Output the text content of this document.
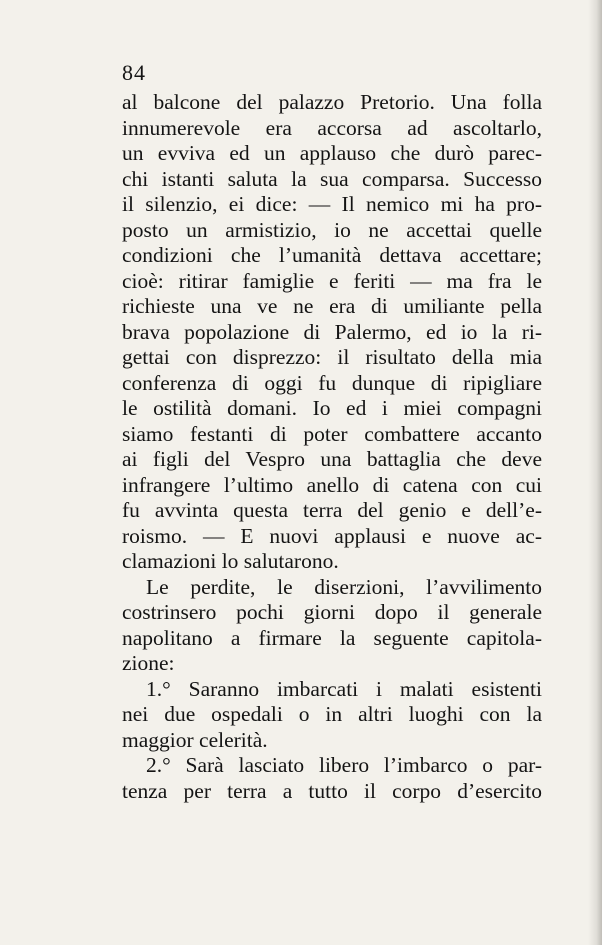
84
al balcone del palazzo Pretorio. Una folla
innumerevole era accorsa ad ascoltarlo,
un evviva ed un applauso che durò parec-
chi istanti saluta la sua comparsa. Successo
il silenzio, ei dice: — Il nemico mi ha pro-
posto un armistizio, io ne accettai quelle
condizioni che l’umanità dettava accettare;
cioè: ritirar famiglie e feriti — ma fra le
richieste una ve ne era di umiliante pella
brava popolazione di Palermo, ed io la ri-
gettai con disprezzo: il risultato della mia
conferenza di oggi fu dunque di ripigliare
le ostilità domani. Io ed i miei compagni
siamo festanti di poter combattere accanto
ai figli del Vespro una battaglia che deve
infrangere l’ultimo anello di catena con cui
fu avvinta questa terra del genio e dell’e-
roismo. — E nuovi applausi e nuove ac-
clamazioni lo salutarono.
Le perdite, le diserzioni, l’avvilimento
costrinsero pochi giorni dopo il generale
napolitano a firmare la seguente capitola-
zione:
1.° Saranno imbarcati i malati esistenti
nei due ospedali o in altri luoghi con la
maggior celerità.
2.° Sarà lasciato libero l’imbarco o par-
tenza per terra a tutto il corpo d’esercito
